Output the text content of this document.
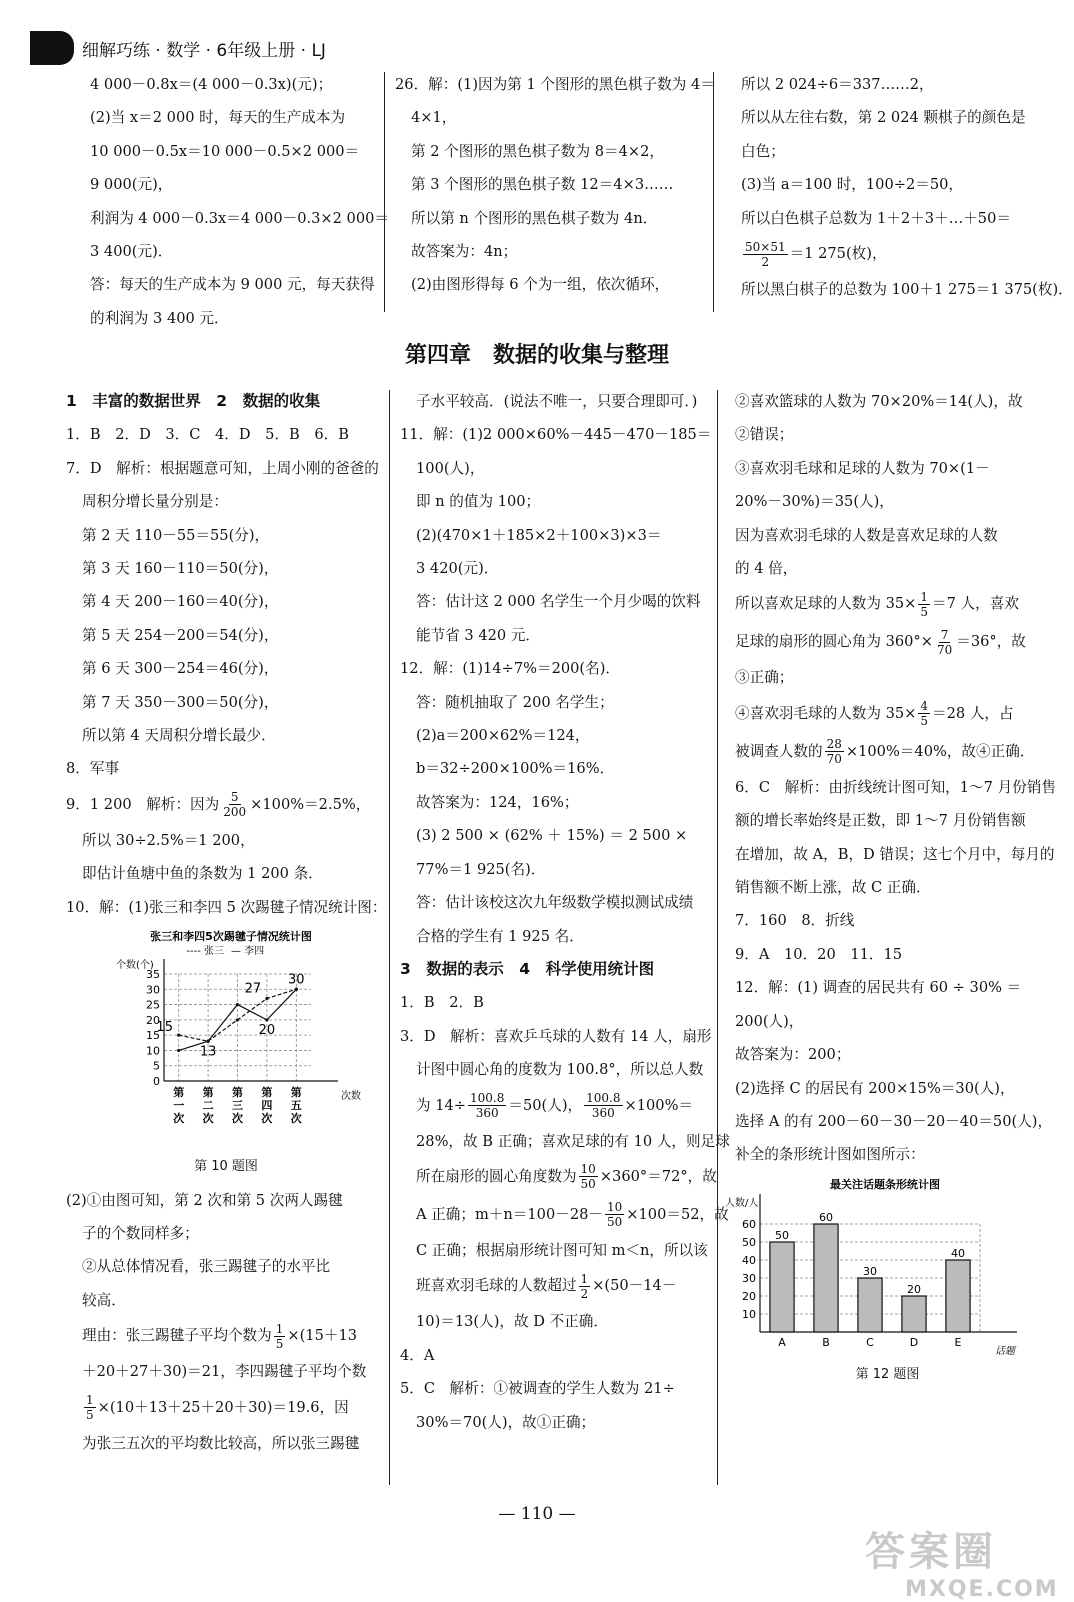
细解巧练 · 数学 · 6年级上册 · LJ

4 000－0.8x＝(4 000－0.3x)(元)；

(2)当 x＝2 000 时，每天的生产成本为

10 000－0.5x＝10 000－0.5×2 000＝

9 000(元)，

利润为 4 000－0.3x＝4 000－0.3×2 000＝

3 400(元)．

答：每天的生产成本为 9 000 元，每天获得

的利润为 3 400 元．

26．解：(1)因为第 1 个图形的黑色棋子数为 4＝

4×1，

第 2 个图形的黑色棋子数为 8＝4×2，

第 3 个图形的黑色棋子数 12＝4×3……

所以第 n 个图形的黑色棋子数为 4n．

故答案为：4n；

(2)由图形得每 6 个为一组，依次循环，

所以 2 024÷6＝337……2，

所以从左往右数，第 2 024 颗棋子的颜色是

白色；

(3)当 a＝100 时，100÷2＝50，

所以白色棋子总数为 1＋2＋3＋…＋50＝

$\frac{50\times 51}{2} =1$ 275(枚)，

所以黑白棋子的总数为 100＋1 275＝1 375(枚)．

第四章　数据的收集与整理

1　丰富的数据世界　2　数据的收集

1．B　2．D　3．C　4．D　5．B　6．B

7．D　解析：根据题意可知，上周小刚的爸爸的

周积分增长量分别是：

第 2 天 110－55＝55(分)，

第 3 天 160－110＝50(分)，

第 4 天 200－160＝40(分)，

第 5 天 254－200＝54(分)，

第 6 天 300－254＝46(分)，

第 7 天 350－300＝50(分)，

所以第 4 天周积分增长最少．

8．军事

9．1 200　解析：因为 $\frac{5}{200} \times 100\%=2.5\%$，

所以 30÷2.5%＝1 200，

即估计鱼塘中鱼的条数为 1 200 条．

10．解：(1)张三和李四 5 次踢毽子情况统计图：

张三和李四5次踢毽子情况统计图
---- 张三 — 李四
个数(个)
次数
5
10
15
20
25
30
35
0
第
一
次
第
二
次
第
三
次
第
四
次
第
五
次
15
13
27
20
30

第 10 题图

(2)①由图可知，第 2 次和第 5 次两人踢毽

子的个数同样多；

②从总体情况看，张三踢毽子的水平比

较高．

理由：张三踢毽子平均个数为 $\frac{1}{5} \times(15+13$

＋20＋27＋30)＝21，李四踢毽子平均个数

$\frac{1}{5} \times(10+13+25+20+30)=19.6$，因

为张三五次的平均数比较高，所以张三踢毽

子水平较高．(说法不唯一，只要合理即可．)

11．解：(1)2 000×60%－445－470－185＝

100(人)，

即 n 的值为 100；

(2)(470×1＋185×2＋100×3)×3＝

3 420(元)．

答：估计这 2 000 名学生一个月少喝的饮料

能节省 3 420 元．

12．解：(1)14÷7%＝200(名)．

答：随机抽取了 200 名学生；

(2)a＝200×62%＝124，

b＝32÷200×100%＝16%．

故答案为：124，16%；

(3) 2 500 × (62% ＋ 15%) ＝ 2 500 ×

77%＝1 925(名)．

答：估计该校这次九年级数学模拟测试成绩

合格的学生有 1 925 名．

3　数据的表示　4　科学使用统计图

1．B　2．B

3．D　解析：喜欢乒乓球的人数有 14 人，扇形

计图中圆心角的度数为 100.8°，所以总人数

为 $14\div \frac{100.8}{360} =50$(人)， $\frac{100.8}{360} \times 100\%=$

28%，故 B 正确；喜欢足球的有 10 人，则足球

所在扇形的圆心角度数为 $\frac{10}{50} \times 360^\circ=72^\circ$，故

A 正确；$m+n=100-28- \frac{10}{50} \times 100=52$，故

C 正确；根据扇形统计图可知 m＜n，所以该

班喜欢羽毛球的人数超过 $\frac{1}{2} \times(50-14-$

10)＝13(人)，故 D 不正确．

4．A

5．C　解析：①被调查的学生人数为 21÷

30%＝70(人)，故①正确；

②喜欢篮球的人数为 70×20%＝14(人)，故

②错误；

③喜欢羽毛球和足球的人数为 70×(1－

20%－30%)＝35(人)，

因为喜欢羽毛球的人数是喜欢足球的人数

的 4 倍，

所以喜欢足球的人数为 $35\times \frac{1}{5} =7$ 人，喜欢

足球的扇形的圆心角为 $360^\circ\times \frac{7}{70} =36^\circ$，故

③正确；

④喜欢羽毛球的人数为 $35\times \frac{4}{5} =28$ 人，占

被调查人数的 $\frac{28}{70} \times 100\%=40\%$，故④正确．

6．C　解析：由折线统计图可知，1～7 月份销售

额的增长率始终是正数，即 1～7 月份销售额

在增加，故 A，B，D 错误；这七个月中，每月的

销售额不断上涨，故 C 正确．

7．160　8．折线

9．A　10．20　11．15

12．解：(1) 调查的居民共有 60 ÷ 30% ＝

200(人)，

故答案为：200；

(2)选择 C 的居民有 200×15%＝30(人)，

选择 A 的有 200－60－30－20－40＝50(人)，

补全的条形统计图如图所示：

最关注话题条形统计图
人数/人
话题
10
20
30
40
50
60
A	B	C	D	E
50
60
30
20
40

第 12 题图

— 110 —
答案圈
MXQE.COM
